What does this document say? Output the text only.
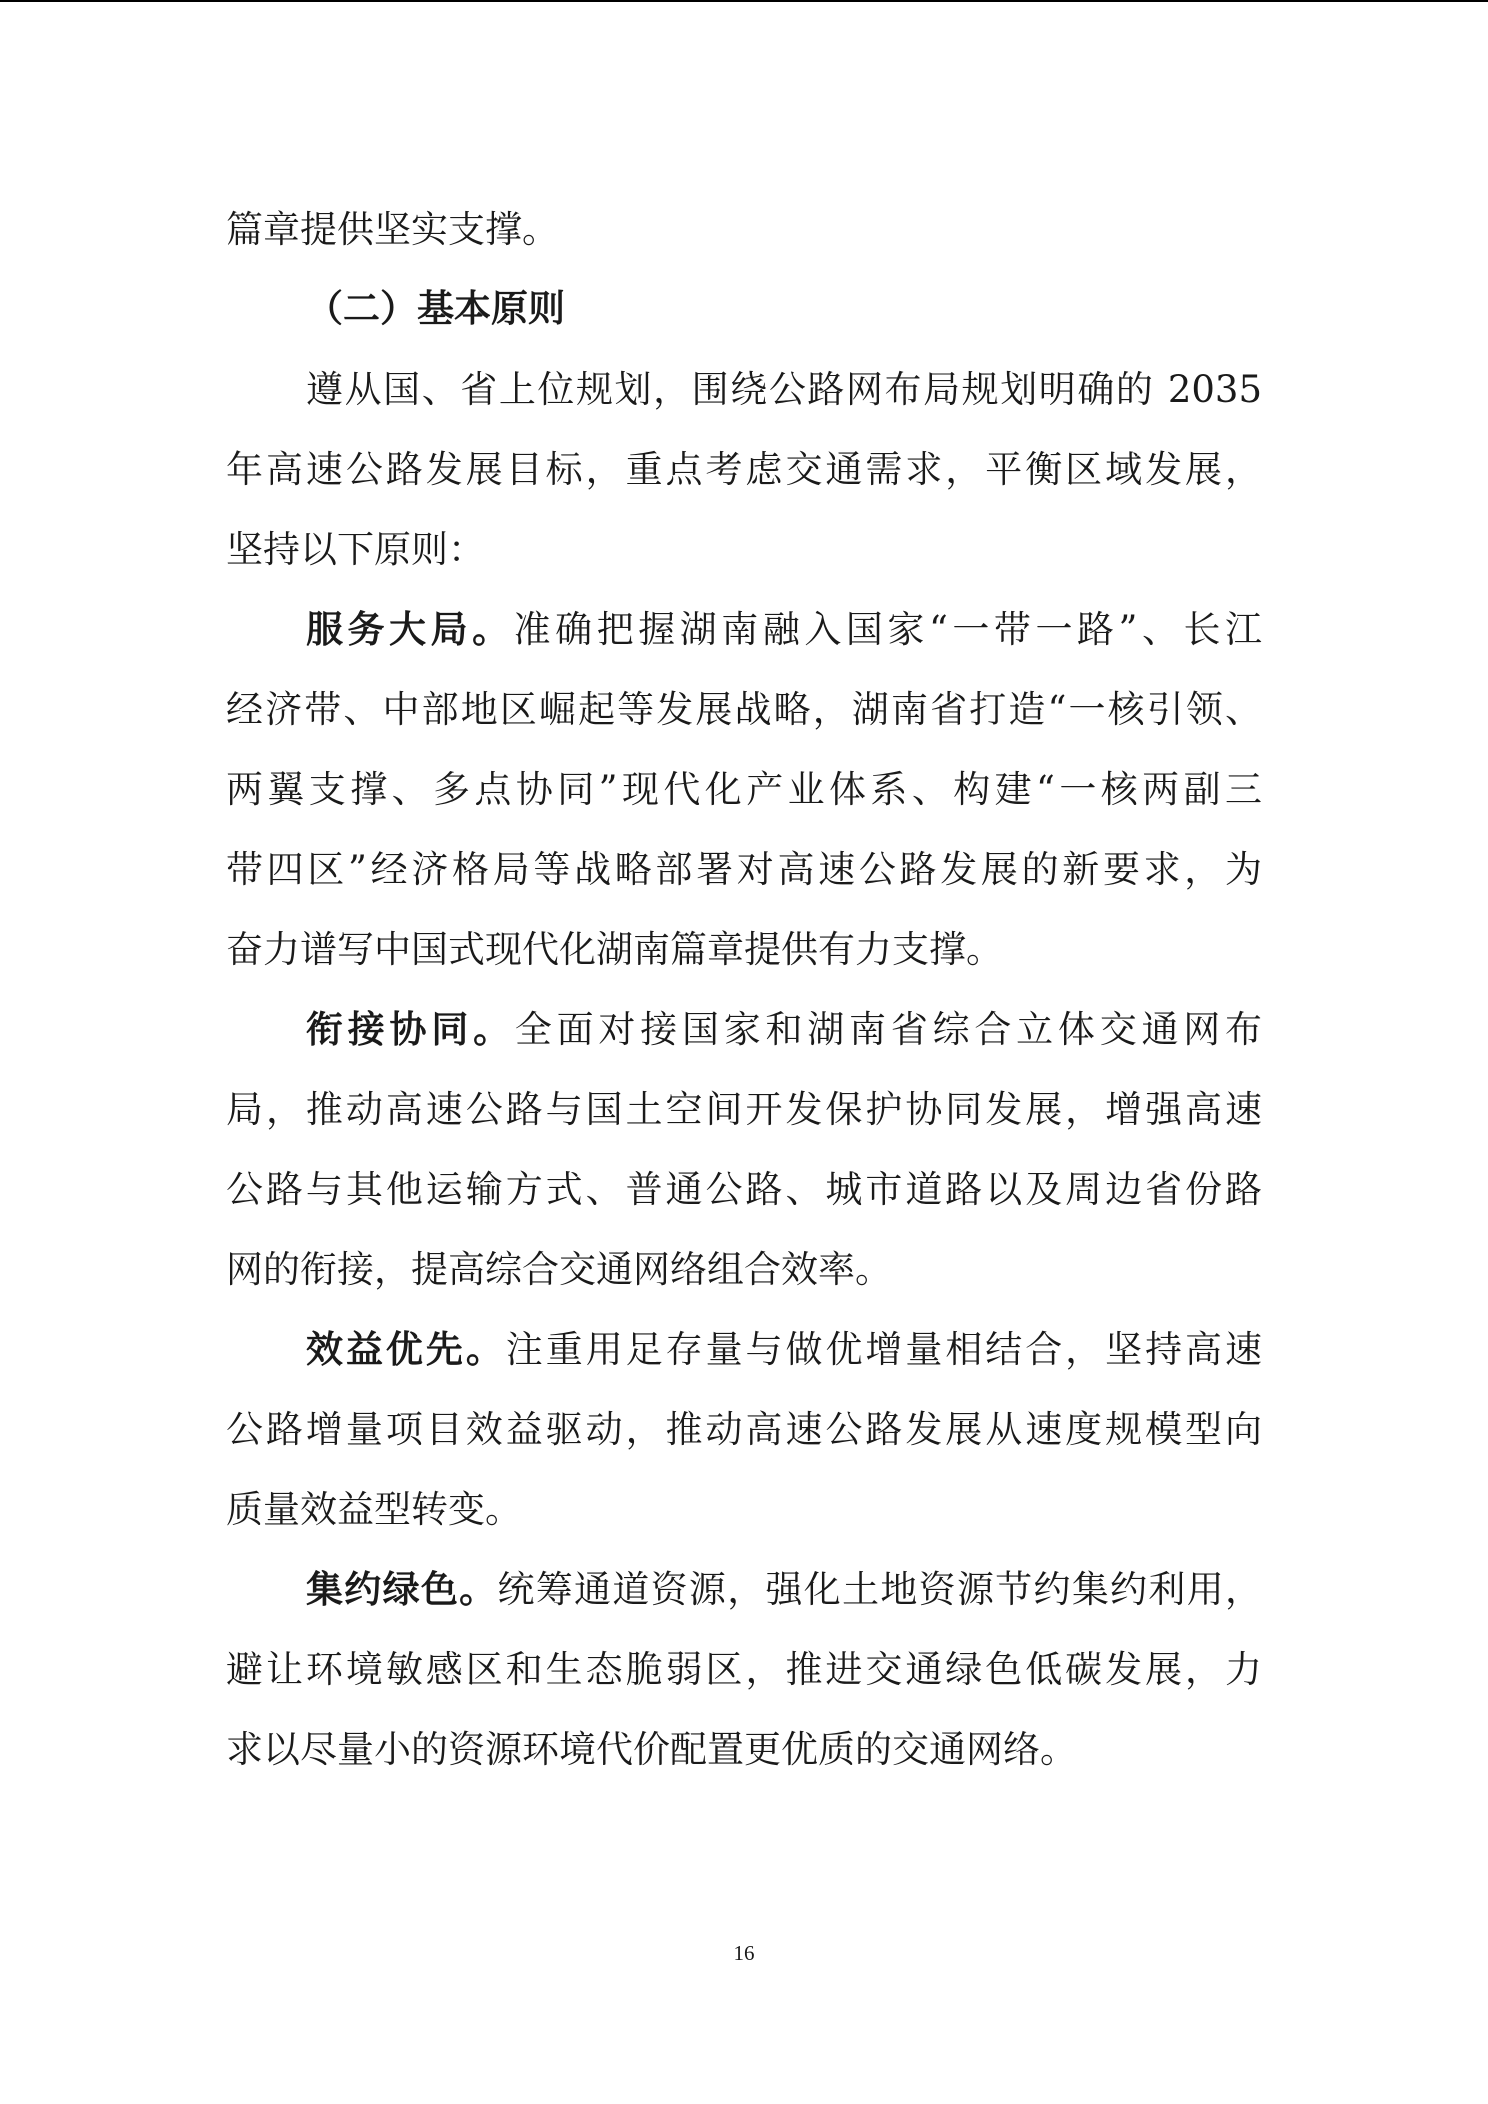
篇章提供坚实支撑。
（二）基本原则
遵从国、省上位规划，围绕公路网布局规划明确的 2035
年高速公路发展目标，重点考虑交通需求，平衡区域发展，
坚持以下原则：
服务大局。准确把握湖南融入国家“一带一路”、长江
经济带、中部地区崛起等发展战略，湖南省打造“一核引领、
两翼支撑、多点协同”现代化产业体系、构建“一核两副三
带四区”经济格局等战略部署对高速公路发展的新要求，为
奋力谱写中国式现代化湖南篇章提供有力支撑。
衔接协同。全面对接国家和湖南省综合立体交通网布
局，推动高速公路与国土空间开发保护协同发展，增强高速
公路与其他运输方式、普通公路、城市道路以及周边省份路
网的衔接，提高综合交通网络组合效率。
效益优先。注重用足存量与做优增量相结合，坚持高速
公路增量项目效益驱动，推动高速公路发展从速度规模型向
质量效益型转变。
集约绿色。统筹通道资源，强化土地资源节约集约利用，
避让环境敏感区和生态脆弱区，推进交通绿色低碳发展，力
求以尽量小的资源环境代价配置更优质的交通网络。
16
